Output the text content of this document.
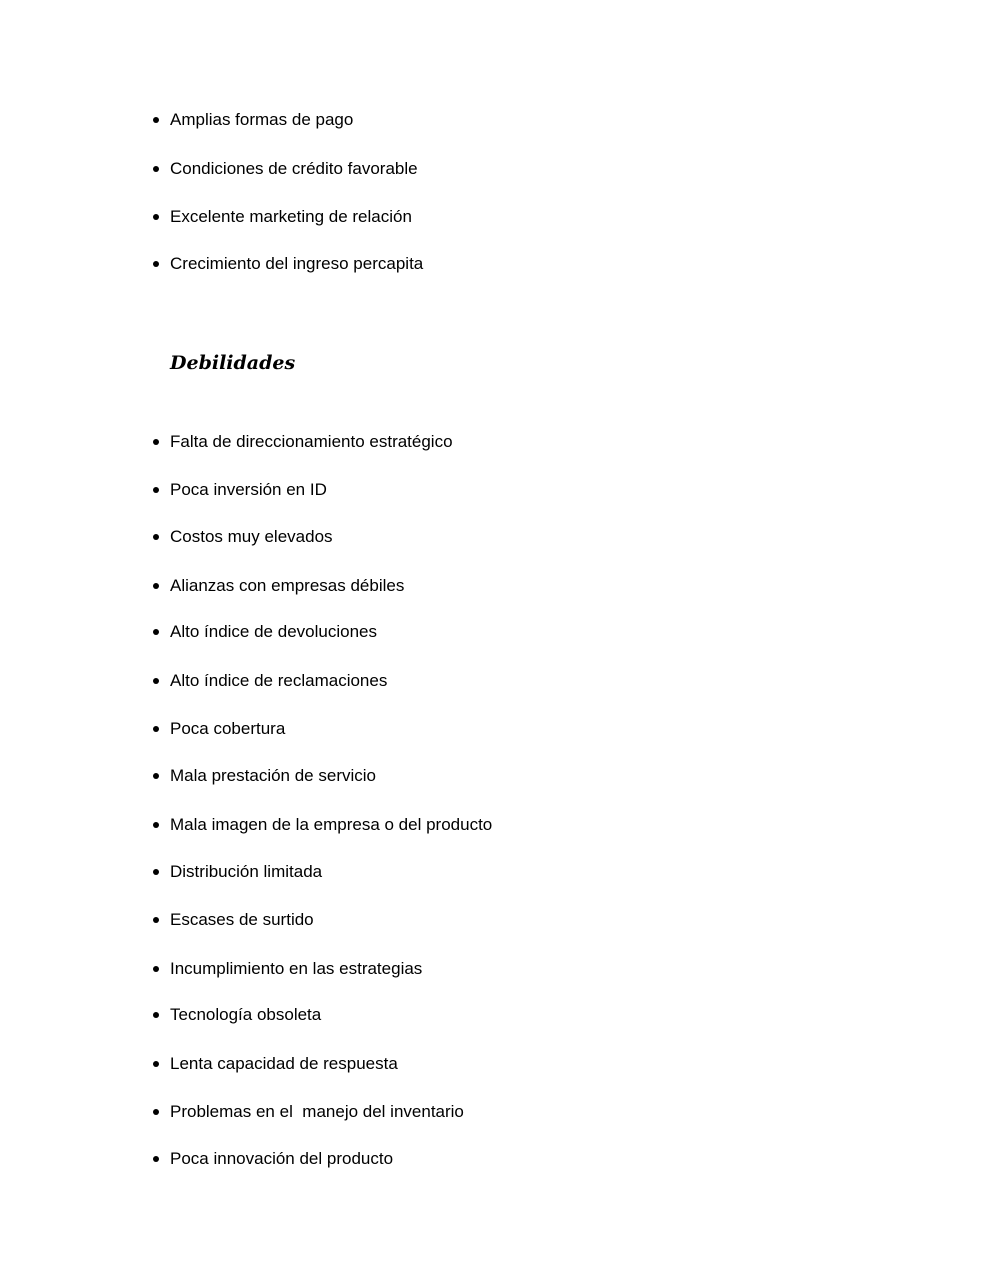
Amplias formas de pago
Condiciones de crédito favorable
Excelente marketing de relación
Crecimiento del ingreso percapita
Debilidades
Falta de direccionamiento estratégico
Poca inversión en ID
Costos muy elevados
Alianzas con empresas débiles
Alto índice de devoluciones
Alto índice de reclamaciones
Poca cobertura
Mala prestación de servicio
Mala imagen de la empresa o del producto
Distribución limitada
Escases de surtido
Incumplimiento en las estrategias
Tecnología obsoleta
Lenta capacidad de respuesta
Problemas en el  manejo del inventario
Poca innovación del producto
